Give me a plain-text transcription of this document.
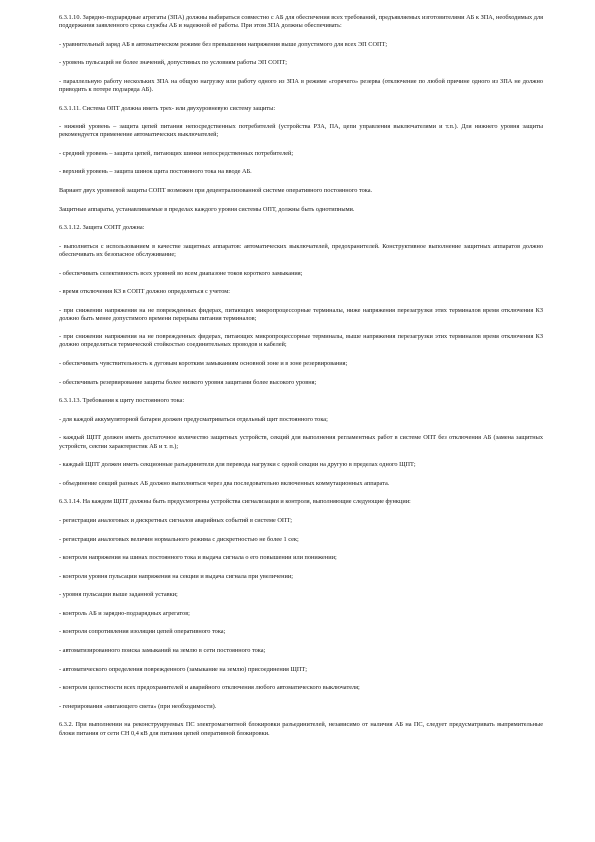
6.3.1.10. Зарядно-подзарядные агрегаты (ЗПА) должны выбираться совместно с АБ для обеспечения всех требований, предъявляемых изготовителями АБ к ЗПА, необходимых для поддержания заявленного срока службы АБ и надежной её работы. При этом ЗПА должны обеспечивать:

- уравнительный заряд АБ в автоматическом режиме без превышения напряжения выше допустимого для всех ЭП СОПТ;

- уровень пульсаций не более значений, допустимых по условиям работы ЭП СОПТ;

- параллельную работу нескольких ЗПА на общую нагрузку или работу одного из ЗПА в режиме «горячего» резерва (отключение по любой причине одного из ЗПА не должно приводить к потере подзаряда АБ).

6.3.1.11. Система ОПТ должна иметь трех- или двухуровневую систему защиты:

- нижний уровень – защита цепей питания непосредственных потребителей (устройства РЗА, ПА, цепи управления выключателями и т.п.). Для нижнего уровня защиты рекомендуется применение автоматических выключателей;

- средний уровень – защита цепей, питающих шинки непосредственных потребителей;

- верхний уровень – защита шинок щита постоянного тока на вводе АБ.

Вариант двух уровневой защиты СОПТ возможен при децентрализованной системе оперативного постоянного тока.

Защитные аппараты, устанавливаемые в пределах каждого уровня системы ОПТ, должны быть однотипными.

6.3.1.12. Защита СОПТ должна:

- выполняться с использованием в качестве защитных аппаратов: автоматических выключателей, предохранителей. Конструктивное выполнение защитных аппаратов должно обеспечивать их безопасное обслуживание;

- обеспечивать селективность всех уровней во всем диапазоне токов короткого замыкания;

- время отключения КЗ в СОПТ должно определяться с учетом:

- при снижении напряжения на не поврежденных фидерах, питающих микропроцессорные терминалы, ниже напряжения перезагрузки этих терминалов время отключения КЗ должно быть менее допустимого времени перерыва питания терминалов;

- при снижении напряжения на не поврежденных фидерах, питающих микропроцессорные терминалы, выше напряжения перезагрузки этих терминалов время отключения КЗ должно определяться термической стойкостью соединительных проводов и кабелей;

- обеспечивать чувствительность к дуговым коротким замыканиям основной зоне и в зоне резервирования;

- обеспечивать резервирование защиты более низкого уровня защитами более высокого уровня;

6.3.1.13. Требования к щиту постоянного тока:

- для каждой аккумуляторной батареи должен предусматриваться отдельный щит постоянного тока;

- каждый ЩПТ должен иметь достаточное количество защитных устройств, секций для выполнения регламентных работ в системе ОПТ без отключения АБ (замена защитных устройств, сектии характеристик АБ и т. п.);

- каждый ЩПТ должен иметь секционные разъединители для перевода нагрузки с одной секции на другую в пределах одного ЩПТ;

- объединение секций разных АБ должно выполняться через два последовательно включенных коммутационных аппарата.

6.3.1.14. На каждом ЩПТ должны быть предусмотрены устройства сигнализации и контроля, выполняющие следующие функции:

- регистрации аналоговых и дискретных сигналов аварийных событий в системе ОПТ;

- регистрации аналоговых величин нормального режима с дискретностью не более 1 сек;

- контроля напряжения на шинах постоянного тока и выдача сигнала о его повышении или понижении;

- контроля уровня пульсации напряжения на секции и выдача сигнала при увеличении;

- уровня пульсации выше заданной уставки;

- контроль АБ и зарядно-подзарядных агрегатов;

- контроля сопротивления изоляции цепей оперативного тока;

- автоматизированного поиска замыканий на землю в сети постоянного тока;

- автоматического определения поврежденного (замыкание на землю) присоединения ЩПТ;

- контроля целостности всех предохранителей и аварийного отключения любого автоматического выключателя;

- генерирования «мигающего света» (при необходимости).

6.3.2. При выполнении на реконструируемых ПС электромагнитной блокировки разъединителей, независимо от наличия АБ на ПС, следует предусматривать выпрямительные блоки питания от сети СН 0,4 кВ для питания цепей оперативной блокировки.
